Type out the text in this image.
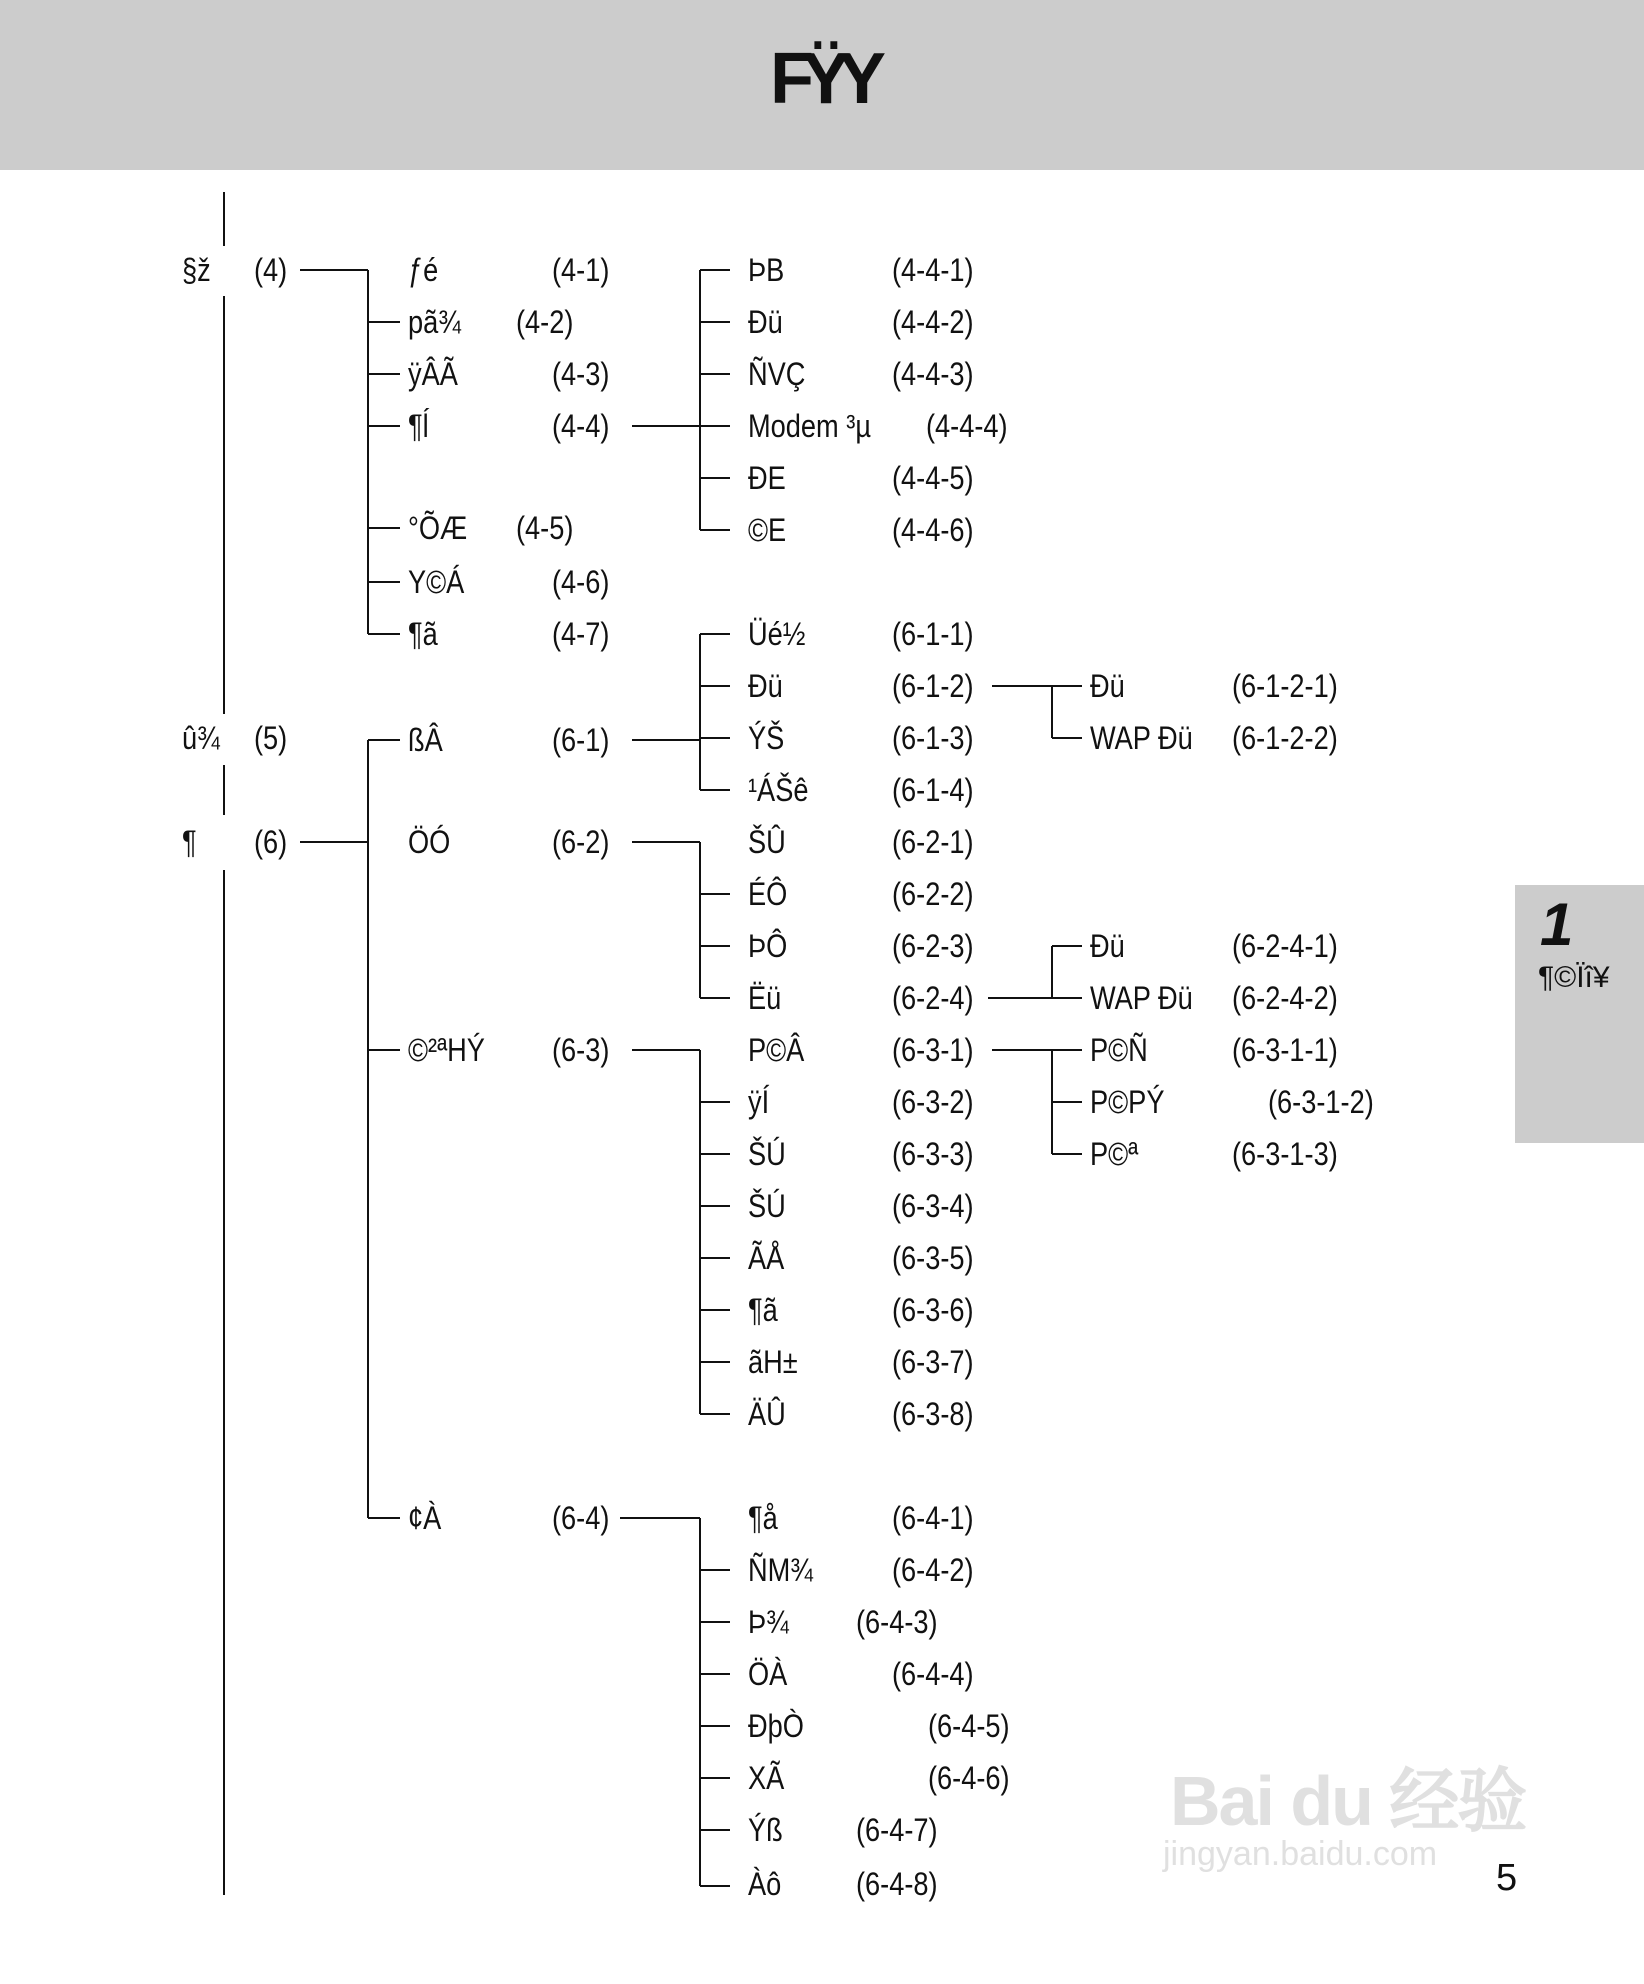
FŸY
§ž (4)
û¾ (5)
¶ (6)
ƒé	(4-1)
pã¾ (4-2)
ÿÂÃ	(4-3)
¶ĺ	(4-4)
°ÕÆ (4-5)
Y©Á	(4-6)
¶ã	(4-7)
ÞB	(4-4-1)
Ðü	(4-4-2)
ÑVÇ	(4-4-3)
Modem ³µ (4-4-4)
ÐE	(4-4-5)
©E	(4-4-6)
ßÂ	(6-1)
ÖÓ	(6-2)
©²ªHÝ (6-3)
¢À	(6-4)
Üé½	(6-1-1)
Ðü	(6-1-2)
ÝŠ	(6-1-3)
¹ÁŠê	(6-1-4)
Ðü	(6-1-2-1)
WAP Ðü (6-1-2-2)
ŠÛ	(6-2-1)
ÉÔ	(6-2-2)
ÞÔ	(6-2-3)
Ëü	(6-2-4)
Ðü	(6-2-4-1)
WAP Ðü (6-2-4-2)
P©Â	(6-3-1)
ÿÍ	(6-3-2)
ŠÚ	(6-3-3)
ŠÚ	(6-3-4)
ÃÅ	(6-3-5)
¶ã	(6-3-6)
ãH±	(6-3-7)
ÄÛ	(6-3-8)
P©Ñ	(6-3-1-1)
P©PÝ	(6-3-1-2)
P©ª	(6-3-1-3)
¶å	(6-4-1)
ÑM¾ (6-4-2)
Þ¾ (6-4-3)
ÖÀ	(6-4-4)
ÐþÒ	(6-4-5)
XÃ	(6-4-6)
Ýß (6-4-7)
Àô (6-4-8)
1
¶©Ïî¥
Bai du 经验
jingyan.baidu.com
5
